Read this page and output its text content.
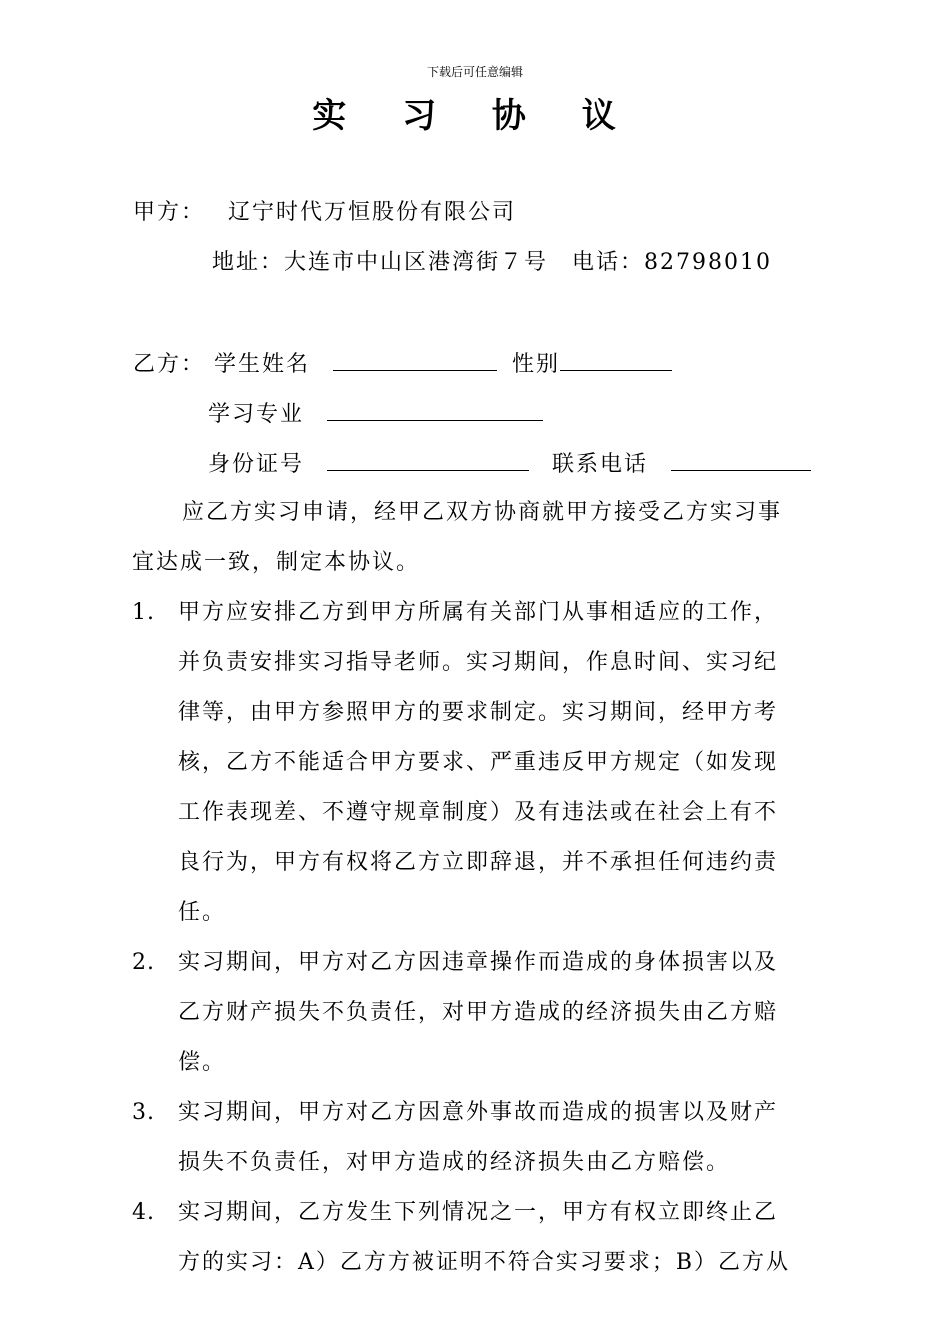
下载后可任意编辑
实 习 协 议
甲方： 辽宁时代万恒股份有限公司
地址：大连市中山区港湾街７号　电话：82798010
乙方： 学生姓名	性别
学习专业
身份证号	联系电话
应乙方实习申请，经甲乙双方协商就甲方接受乙方实习事
宜达成一致，制定本协议。
1. 甲方应安排乙方到甲方所属有关部门从事相适应的工作，
并负责安排实习指导老师。实习期间，作息时间、实习纪
律等，由甲方参照甲方的要求制定。实习期间，经甲方考
核，乙方不能适合甲方要求、严重违反甲方规定（如发现
工作表现差、不遵守规章制度）及有违法或在社会上有不
良行为，甲方有权将乙方立即辞退，并不承担任何违约责
任。
2. 实习期间，甲方对乙方因违章操作而造成的身体损害以及
乙方财产损失不负责任，对甲方造成的经济损失由乙方赔
偿。
3. 实习期间，甲方对乙方因意外事故而造成的损害以及财产
损失不负责任，对甲方造成的经济损失由乙方赔偿。
4. 实习期间，乙方发生下列情况之一，甲方有权立即终止乙
方的实习：A）乙方方被证明不符合实习要求；B）乙方从
